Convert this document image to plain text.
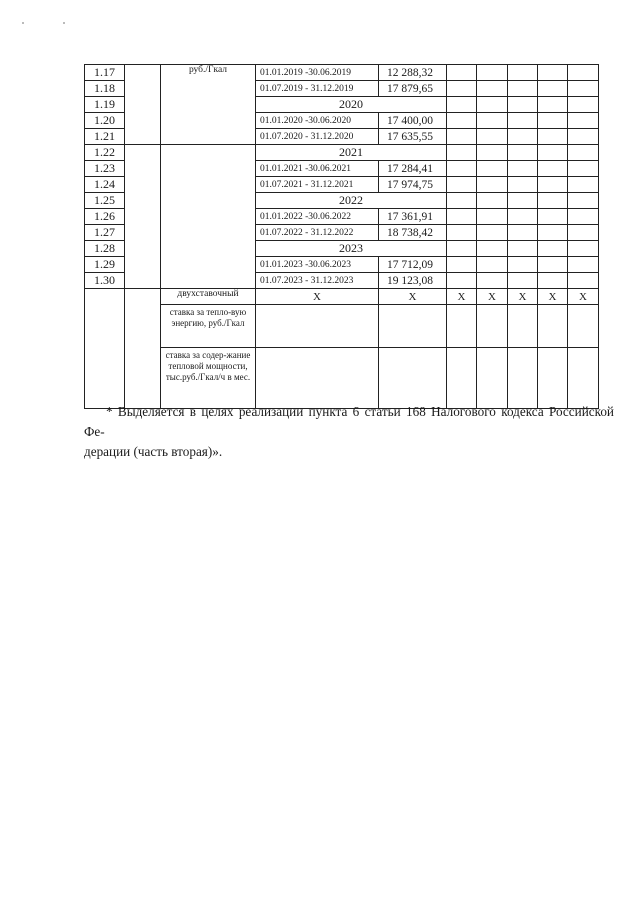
1.17		руб./Гкал	01.01.2019 -30.06.2019	12 288,32					
1.18			01.07.2019 - 31.12.2019	17 879,65					
1.19			2020						
1.20			01.01.2020 -30.06.2020	17 400,00					
1.21			01.07.2020 - 31.12.2020	17 635,55					
1.22			2021						
1.23			01.01.2021 -30.06.2021	17 284,41					
1.24			01.07.2021 - 31.12.2021	17 974,75					
1.25			2022						
1.26			01.01.2022 -30.06.2022	17 361,91					
1.27			01.07.2022 - 31.12.2022	18 738,42					
1.28			2023						
1.29			01.01.2023 -30.06.2023	17 712,09					
1.30			01.07.2023 - 31.12.2023	19 123,08					
		двухставочный	Х	Х	Х	Х	Х	Х	Х
		ставка за тепло-вую энергию, руб./Гкал							
		ставка за содер-жание тепловой мощности, тыс.руб./Гкал/ч в мес.							
* Выделяется в целях реализации пункта 6 статьи 168 Налогового кодекса Российской Фе-
дерации (часть вторая)».
